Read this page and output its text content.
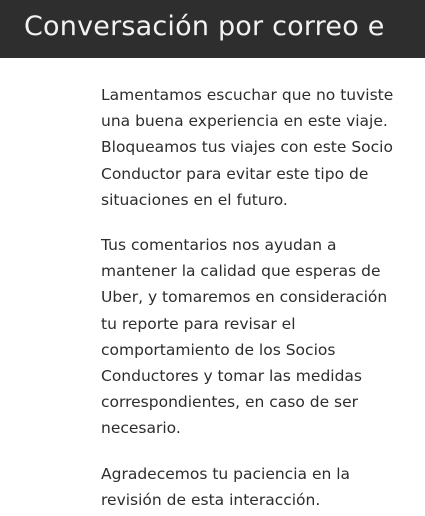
Conversación por correo e

Lamentamos escuchar que no tuviste una buena experiencia en este viaje. Bloqueamos tus viajes con este Socio Conductor para evitar este tipo de situaciones en el futuro.

Tus comentarios nos ayudan a mantener la calidad que esperas de Uber, y tomaremos en consideración tu reporte para revisar el comportamiento de los Socios Conductores y tomar las medidas correspondientes, en caso de ser necesario.

Agradecemos tu paciencia en la revisión de esta interacción.
